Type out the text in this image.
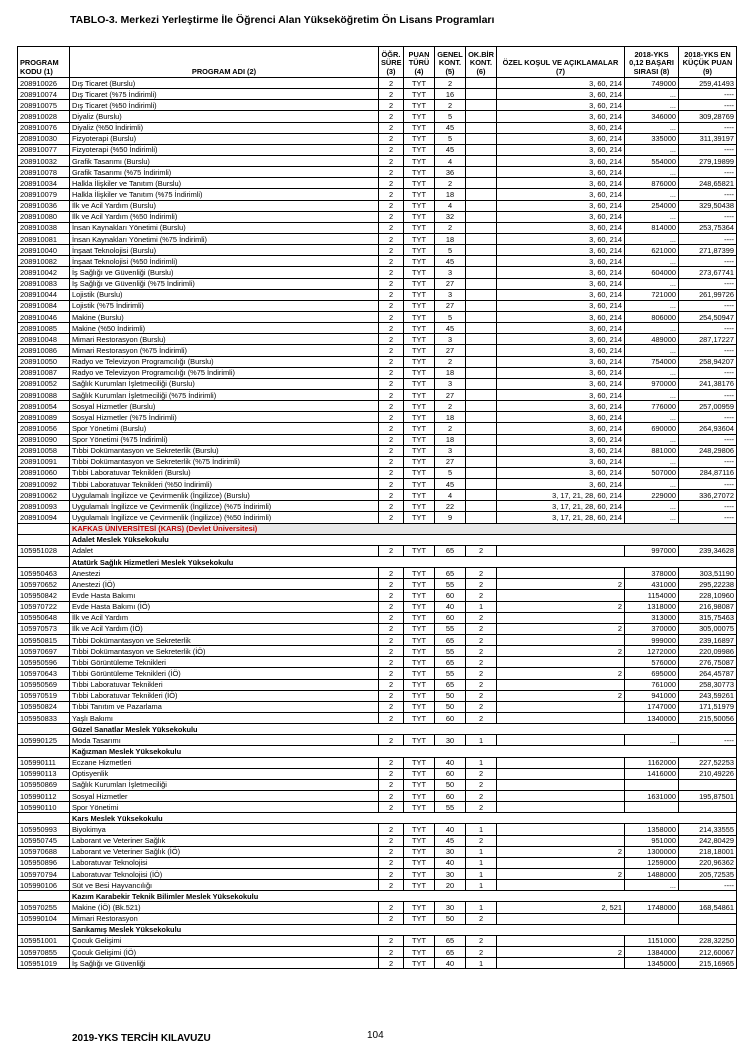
TABLO-3. Merkezi Yerleştirme İle Öğrenci Alan Yükseköğretim Ön Lisans Programları
PROGRAM KODU (1)	PROGRAM ADI (2)	ÖĞR. SÜRE (3)	PUAN TÜRÜ (4)	GENEL KONT. (5)	OK.BİR KONT. (6)	ÖZEL KOŞUL VE AÇIKLAMALAR (7)	2018-YKS 0,12 BAŞARI SIRASI (8)	2018-YKS EN KÜÇÜK PUAN (9)
208910026	Dış Ticaret (Burslu)	2	TYT	2		3, 60, 214	749000	259,41493
208910074	Dış Ticaret (%75 İndirimli)	2	TYT	16		3, 60, 214	...	----
208910075	Dış Ticaret (%50 İndirimli)	2	TYT	2		3, 60, 214	...	----
208910028	Diyaliz (Burslu)	2	TYT	5		3, 60, 214	346000	309,28769
208910076	Diyaliz (%50 İndirimli)	2	TYT	45		3, 60, 214	...	----
208910030	Fizyoterapi (Burslu)	2	TYT	5		3, 60, 214	335000	311,39197
208910077	Fizyoterapi (%50 İndirimli)	2	TYT	45		3, 60, 214	...	----
208910032	Grafik Tasarımı (Burslu)	2	TYT	4		3, 60, 214	554000	279,19899
208910078	Grafik Tasarımı (%75 İndirimli)	2	TYT	36		3, 60, 214	...	----
208910034	Halkla İlişkiler ve Tanıtım (Burslu)	2	TYT	2		3, 60, 214	876000	248,65821
208910079	Halkla İlişkiler ve Tanıtım (%75 İndirimli)	2	TYT	18		3, 60, 214	...	----
208910036	İlk ve Acil Yardım (Burslu)	2	TYT	4		3, 60, 214	254000	329,50438
208910080	İlk ve Acil Yardım (%50 İndirimli)	2	TYT	32		3, 60, 214	...	----
208910038	İnsan Kaynakları Yönetimi (Burslu)	2	TYT	2		3, 60, 214	814000	253,75364
208910081	İnsan Kaynakları Yönetimi (%75 İndirimli)	2	TYT	18		3, 60, 214	...	----
208910040	İnşaat Teknolojisi (Burslu)	2	TYT	5		3, 60, 214	621000	271,87399
208910082	İnşaat Teknolojisi (%50 İndirimli)	2	TYT	45		3, 60, 214	...	----
208910042	İş Sağlığı ve Güvenliği (Burslu)	2	TYT	3		3, 60, 214	604000	273,67741
208910083	İş Sağlığı ve Güvenliği (%75 İndirimli)	2	TYT	27		3, 60, 214	...	----
208910044	Lojistik (Burslu)	2	TYT	3		3, 60, 214	721000	261,99726
208910084	Lojistik (%75 İndirimli)	2	TYT	27		3, 60, 214	...	----
208910046	Makine (Burslu)	2	TYT	5		3, 60, 214	806000	254,50947
208910085	Makine (%50 İndirimli)	2	TYT	45		3, 60, 214	...	----
208910048	Mimari Restorasyon (Burslu)	2	TYT	3		3, 60, 214	489000	287,17227
208910086	Mimari Restorasyon (%75 İndirimli)	2	TYT	27		3, 60, 214	...	----
208910050	Radyo ve Televizyon Programcılığı (Burslu)	2	TYT	2		3, 60, 214	754000	258,94207
208910087	Radyo ve Televizyon Programcılığı (%75 İndirimli)	2	TYT	18		3, 60, 214	...	----
208910052	Sağlık Kurumları İşletmeciliği (Burslu)	2	TYT	3		3, 60, 214	970000	241,38176
208910088	Sağlık Kurumları İşletmeciliği (%75 İndirimli)	2	TYT	27		3, 60, 214	...	----
208910054	Sosyal Hizmetler (Burslu)	2	TYT	2		3, 60, 214	776000	257,00959
208910089	Sosyal Hizmetler (%75 İndirimli)	2	TYT	18		3, 60, 214	...	----
208910056	Spor Yönetimi (Burslu)	2	TYT	2		3, 60, 214	690000	264,93604
208910090	Spor Yönetimi (%75 İndirimli)	2	TYT	18		3, 60, 214	...	----
208910058	Tıbbi Dokümantasyon ve Sekreterlik (Burslu)	2	TYT	3		3, 60, 214	881000	248,29806
208910091	Tıbbi Dokümantasyon ve Sekreterlik (%75 İndirimli)	2	TYT	27		3, 60, 214	...	----
208910060	Tıbbi Laboratuvar Teknikleri (Burslu)	2	TYT	5		3, 60, 214	507000	284,87116
208910092	Tıbbi Laboratuvar Teknikleri (%50 İndirimli)	2	TYT	45		3, 60, 214	...	----
208910062	Uygulamalı İngilizce ve Çevirmenlik (İngilizce) (Burslu)	2	TYT	4		3, 17, 21, 28, 60, 214	229000	336,27072
208910093	Uygulamalı İngilizce ve Çevirmenlik (İngilizce) (%75 İndirimli)	2	TYT	22		3, 17, 21, 28, 60, 214	...	----
208910094	Uygulamalı İngilizce ve Çevirmenlik (İngilizce) (%50 İndirimli)	2	TYT	9		3, 17, 21, 28, 60, 214	...	----
	KAFKAS ÜNİVERSİTESİ (KARS) (Devlet Üniversitesi)							
	Adalet Meslek Yüksekokulu							
105951028	Adalet	2	TYT	65	2		997000	239,34628
	Atatürk Sağlık Hizmetleri Meslek Yüksekokulu							
105950463	Anestezi	2	TYT	65	2		378000	303,51190
105970652	Anestezi (İÖ)	2	TYT	55	2	2	431000	295,22238
105950842	Evde Hasta Bakımı	2	TYT	60	2		1154000	228,10960
105970722	Evde Hasta Bakımı (İÖ)	2	TYT	40	1	2	1318000	216,98087
105950648	İlk ve Acil Yardım	2	TYT	60	2		313000	315,75463
105970573	İlk ve Acil Yardım (İÖ)	2	TYT	55	2	2	370000	305,00075
105950815	Tıbbi Dokümantasyon ve Sekreterlik	2	TYT	65	2		999000	239,16897
105970697	Tıbbi Dokümantasyon ve Sekreterlik (İÖ)	2	TYT	55	2	2	1272000	220,09986
105950596	Tıbbi Görüntüleme Teknikleri	2	TYT	65	2		576000	276,75087
105970643	Tıbbi Görüntüleme Teknikleri (İÖ)	2	TYT	55	2	2	695000	264,45787
105950569	Tıbbi Laboratuvar Teknikleri	2	TYT	65	2		761000	258,30773
105970519	Tıbbi Laboratuvar Teknikleri (İÖ)	2	TYT	50	2	2	941000	243,59261
105950824	Tıbbi Tanıtım ve Pazarlama	2	TYT	50	2		1747000	171,51979
105950833	Yaşlı Bakımı	2	TYT	60	2		1340000	215,50056
	Güzel Sanatlar Meslek Yüksekokulu							
105990125	Moda Tasarımı	2	TYT	30	1		...	----
	Kağızman Meslek Yüksekokulu							
105990111	Eczane Hizmetleri	2	TYT	40	1		1162000	227,52253
105990113	Optisyenlik	2	TYT	60	2		1416000	210,49226
105950869	Sağlık Kurumları İşletmeciliği	2	TYT	50	2			
105990112	Sosyal Hizmetler	2	TYT	60	2		1631000	195,87501
105990110	Spor Yönetimi	2	TYT	55	2			
	Kars Meslek Yüksekokulu							
105950993	Biyokimya	2	TYT	40	1		1358000	214,33555
105950745	Laborant ve Veteriner Sağlık	2	TYT	45	2		951000	242,80429
105970688	Laborant ve Veteriner Sağlık (İÖ)	2	TYT	30	1	2	1300000	218,18001
105950896	Laboratuvar Teknolojisi	2	TYT	40	1		1259000	220,96362
105970794	Laboratuvar Teknolojisi (İÖ)	2	TYT	30	1	2	1488000	205,72535
105990106	Süt ve Besi Hayvancılığı	2	TYT	20	1		...	----
	Kazım Karabekir Teknik Bilimler Meslek Yüksekokulu							
105970255	Makine (İÖ) (Bk.521)	2	TYT	30	1	2, 521	1748000	168,54861
105990104	Mimari Restorasyon	2	TYT	50	2			
	Sarıkamış Meslek Yüksekokulu							
105951001	Çocuk Gelişimi	2	TYT	65	2		1151000	228,32250
105970855	Çocuk Gelişimi (İÖ)	2	TYT	65	2	2	1384000	212,60067
105951019	İş Sağlığı ve Güvenliği	2	TYT	40	1		1345000	215,16965
2019-YKS TERCİH KILAVUZU	104
